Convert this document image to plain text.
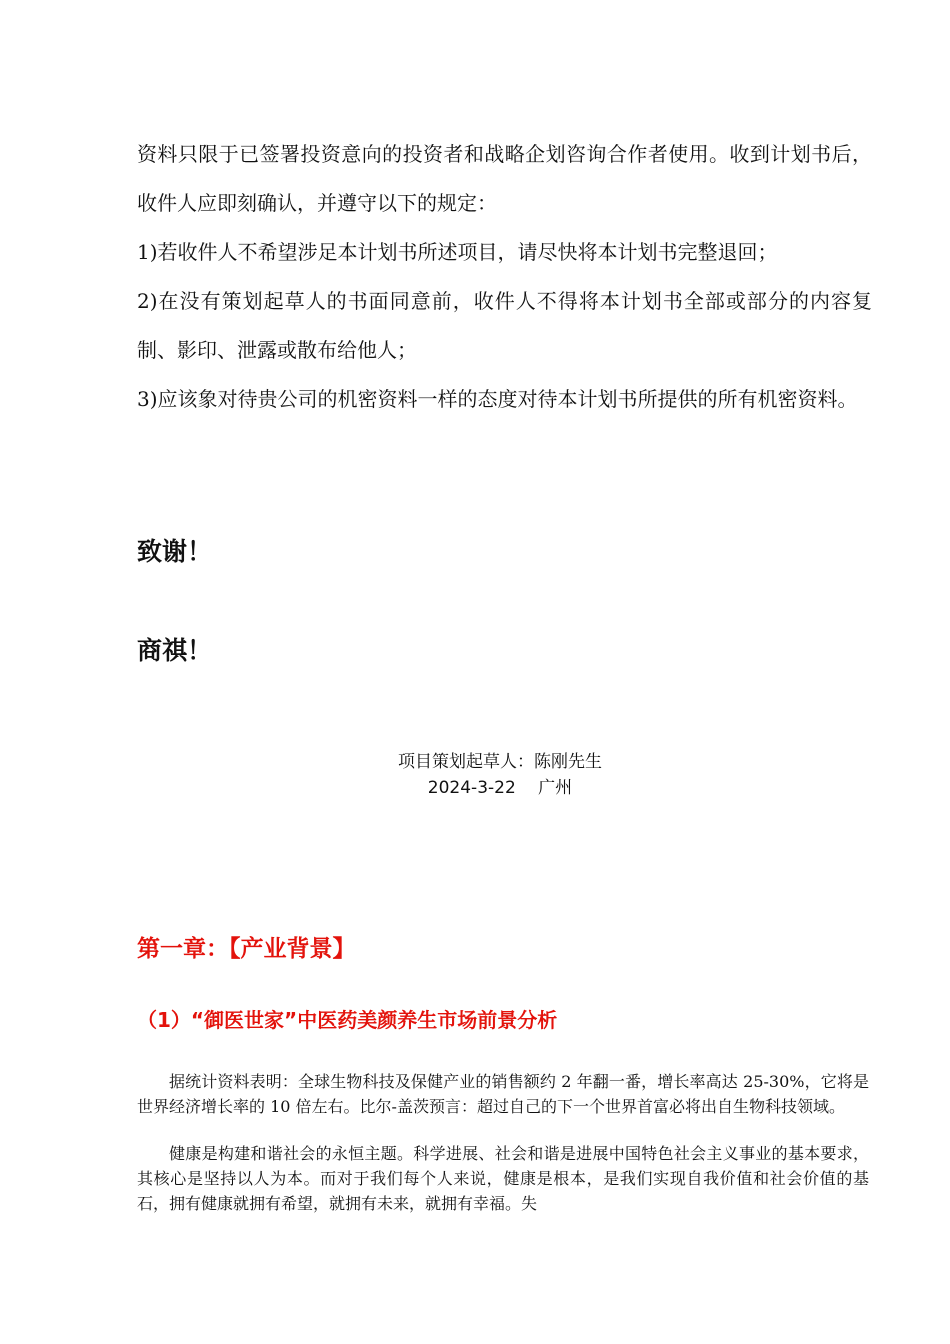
资料只限于已签署投资意向的投资者和战略企划咨询合作者使用。收到计划书后，收件人应即刻确认，并遵守以下的规定：

1)若收件人不希望涉足本计划书所述项目，请尽快将本计划书完整退回；

2)在没有策划起草人的书面同意前，收件人不得将本计划书全部或部分的内容复制、影印、泄露或散布给他人；

3)应该象对待贵公司的机密资料一样的态度对待本计划书所提供的所有机密资料。

致谢！
商祺！
项目策划起草人：陈刚先生
2024-3-22　 广州
第一章：【产业背景】
（1）“御医世家”中医药美颜养生市场前景分析

据统计资料表明：全球生物科技及保健产业的销售额约 2 年翻一番，增长率高达 25-30%，它将是世界经济增长率的 10 倍左右。比尔-盖茨预言：超过自己的下一个世界首富必将出自生物科技领域。

健康是构建和谐社会的永恒主题。科学进展、社会和谐是进展中国特色社会主义事业的基本要求，其核心是坚持以人为本。而对于我们每个人来说，健康是根本，是我们实现自我价值和社会价值的基石，拥有健康就拥有希望，就拥有未来，就拥有幸福。失
